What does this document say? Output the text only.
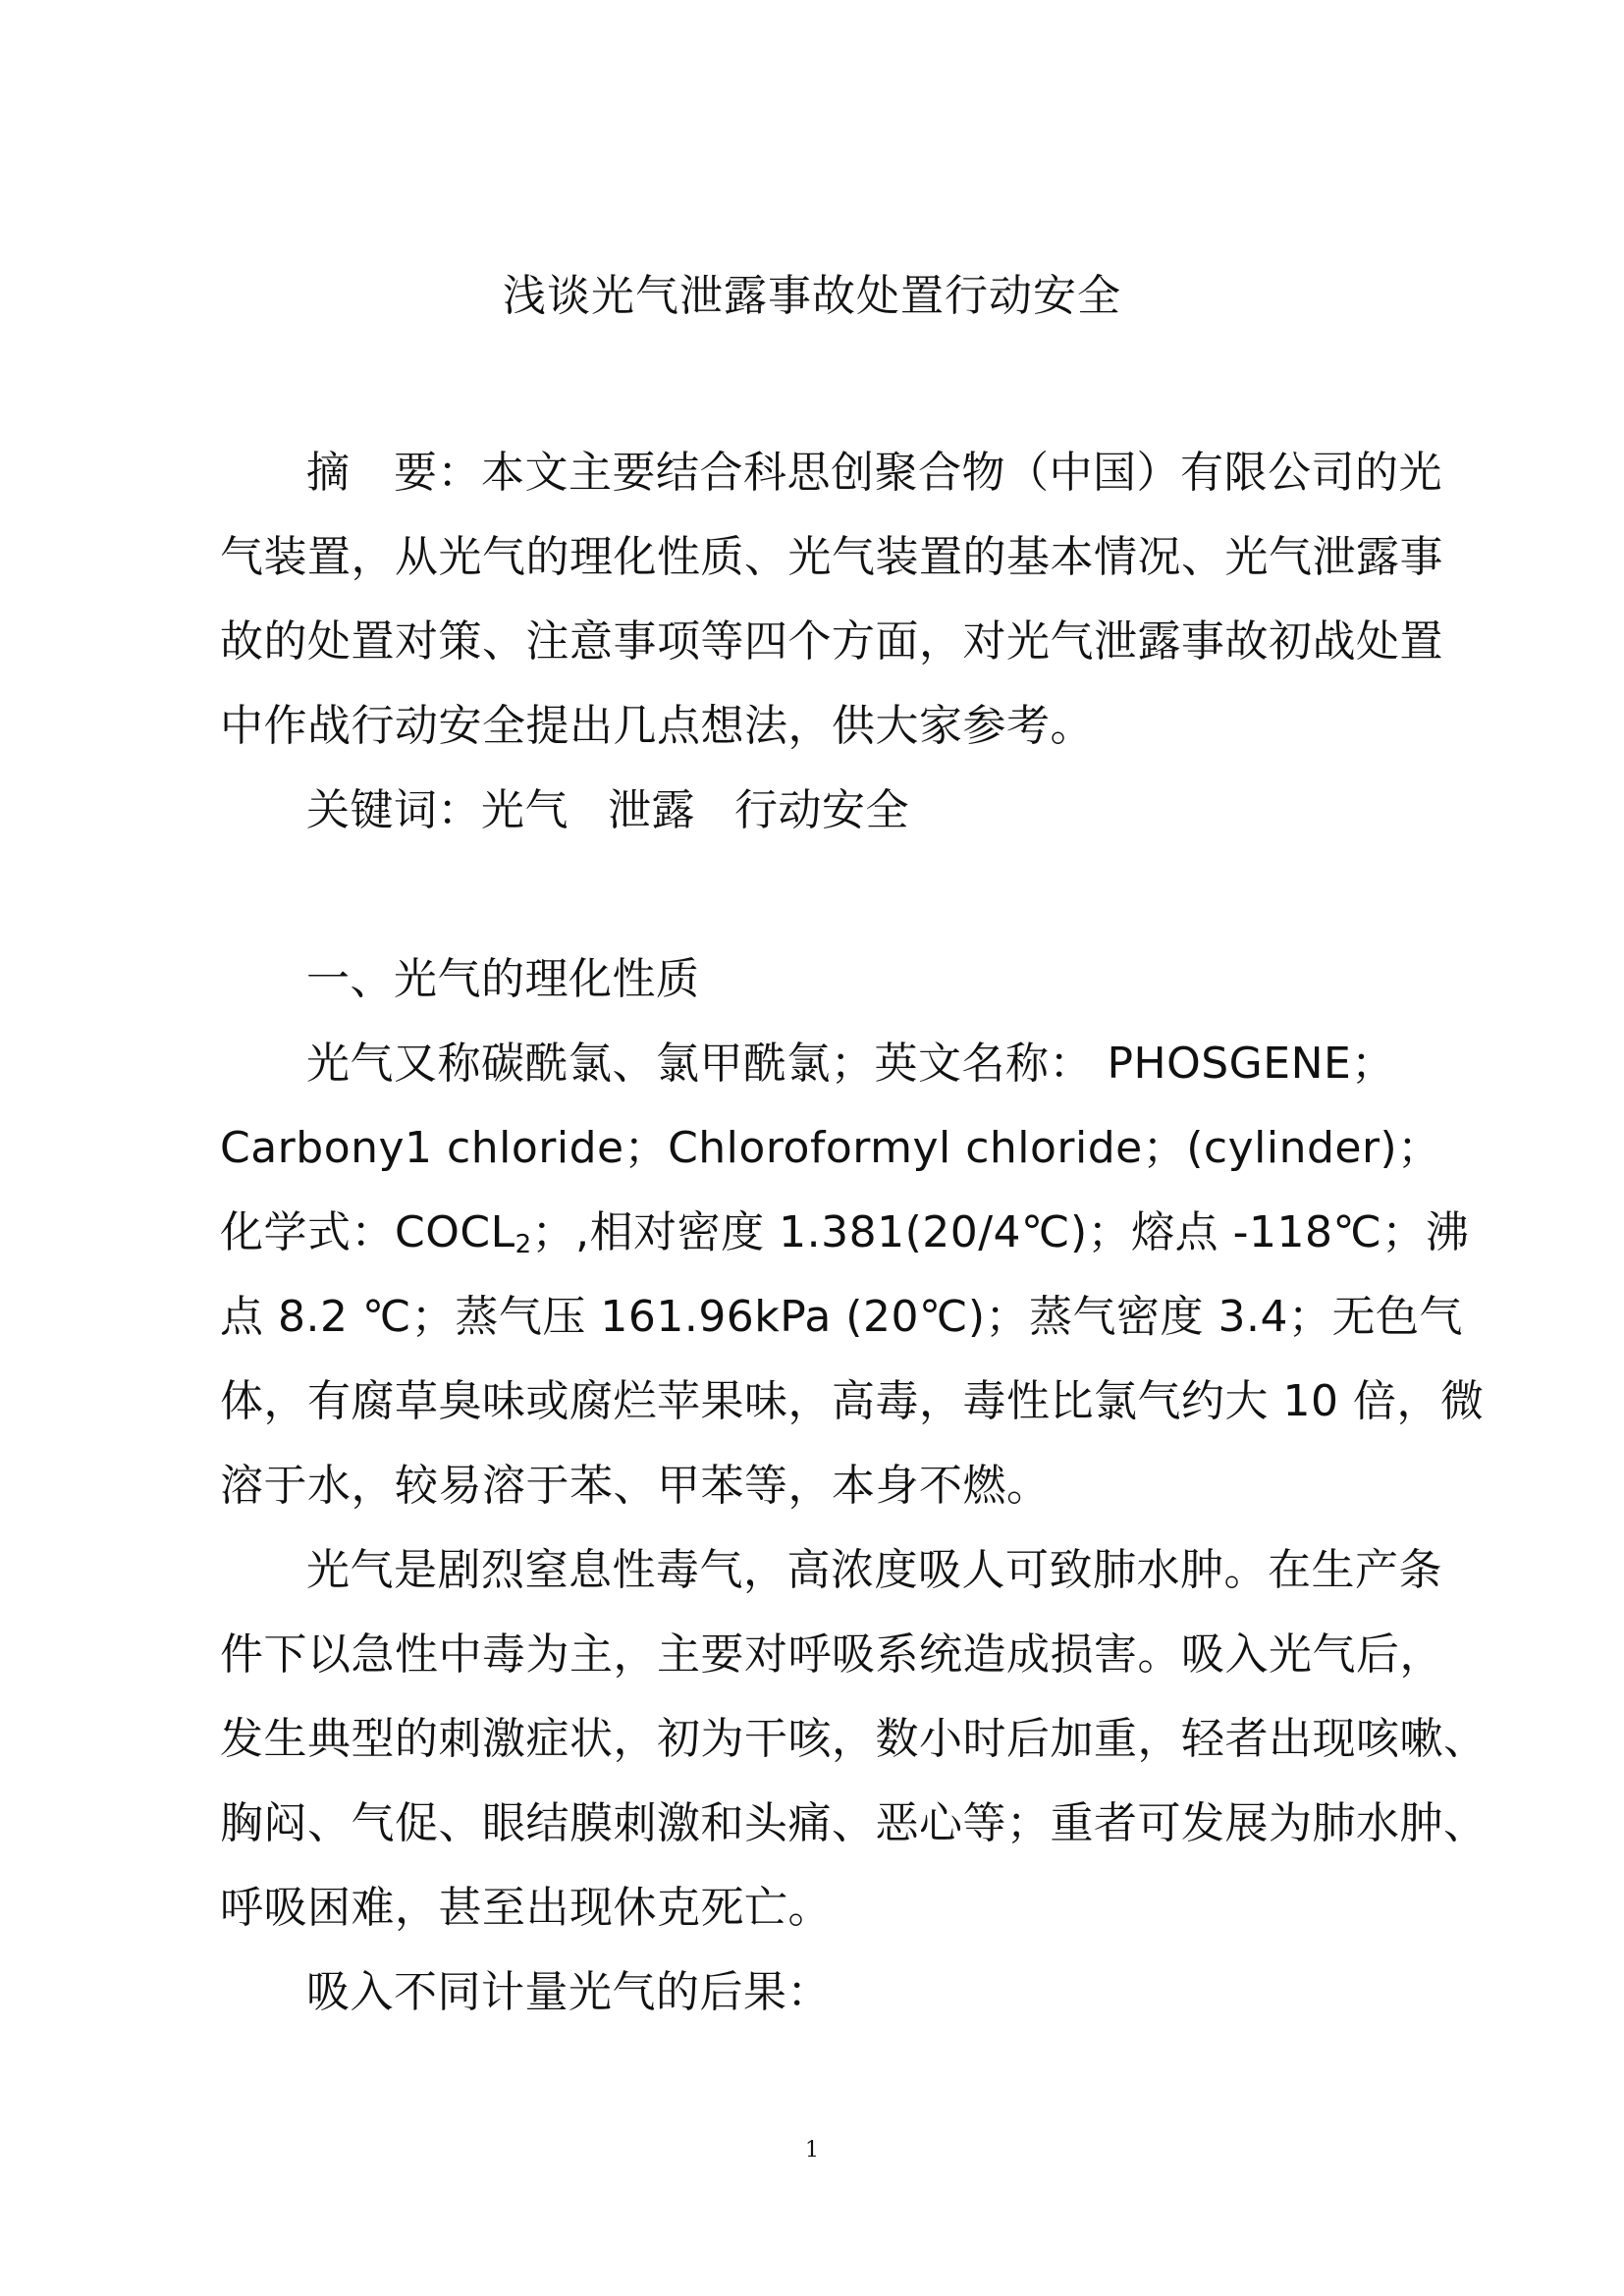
浅谈光气泄露事故处置行动安全
摘　要：本文主要结合科思创聚合物（中国）有限公司的光
气装置，从光气的理化性质、光气装置的基本情况、光气泄露事
故的处置对策、注意事项等四个方面，对光气泄露事故初战处置
中作战行动安全提出几点想法，供大家参考。
关键词：光气 泄露 行动安全
一、光气的理化性质
光气又称碳酰氯、氯甲酰氯；英文名称： PHOSGENE；
Carbony1 chloride；Chloroformyl chloride；(cylinder)；
化学式：$COCL_2$；,相对密度 1.381(20/4℃)；熔点 -118℃；沸
点 8.2 ℃；蒸气压 161.96kPa (20℃)；蒸气密度 3.4；无色气
体，有腐草臭味或腐烂苹果味，高毒，毒性比氯气约大 10 倍，微
溶于水，较易溶于苯、甲苯等，本身不燃。
光气是剧烈窒息性毒气，高浓度吸人可致肺水肿。在生产条
件下以急性中毒为主，主要对呼吸系统造成损害。吸入光气后，
发生典型的刺激症状，初为干咳，数小时后加重，轻者出现咳嗽、
胸闷、气促、眼结膜刺激和头痛、恶心等；重者可发展为肺水肿、
呼吸困难，甚至出现休克死亡。
吸入不同计量光气的后果：
1
